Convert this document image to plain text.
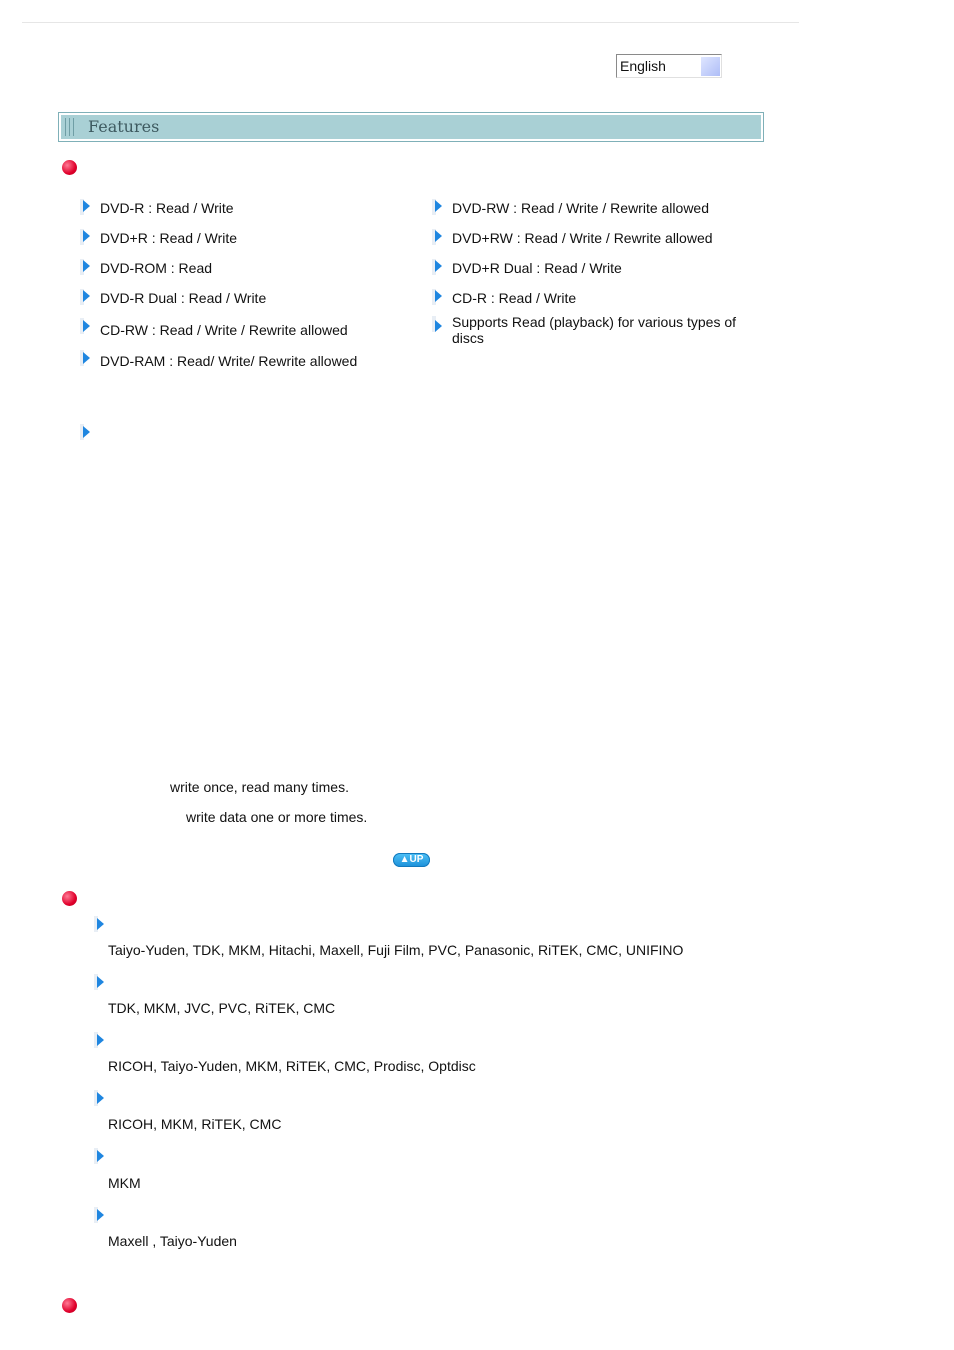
English
Features
DVD-R : Read / Write
DVD+R : Read / Write
DVD-ROM : Read
DVD-R Dual : Read / Write
CD-RW : Read / Write / Rewrite allowed
DVD-RAM : Read/ Write/ Rewrite allowed
DVD-RW : Read / Write / Rewrite allowed
DVD+RW : Read / Write / Rewrite allowed
DVD+R Dual : Read / Write
CD-R : Read / Write
Supports Read (playback) for various types of discs
write once, read many times.
write data one or more times.
▲UP
Taiyo-Yuden, TDK, MKM, Hitachi, Maxell, Fuji Film, PVC, Panasonic, RiTEK, CMC, UNIFINO
TDK, MKM, JVC, PVC, RiTEK, CMC
RICOH, Taiyo-Yuden, MKM, RiTEK, CMC, Prodisc, Optdisc
RICOH, MKM, RiTEK, CMC
MKM
Maxell , Taiyo-Yuden
